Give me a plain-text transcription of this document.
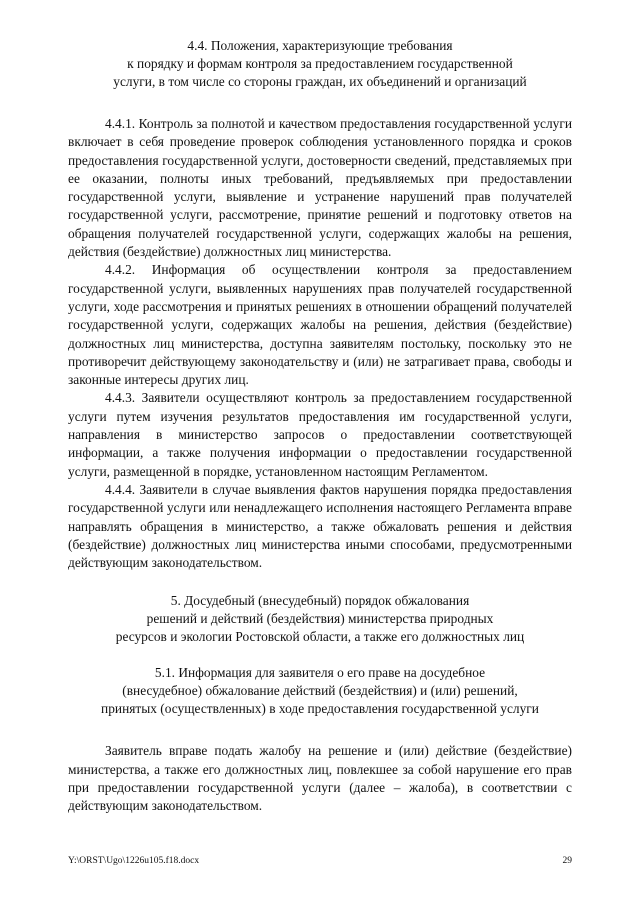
4.4. Положения, характеризующие требования
к порядку и формам контроля за предоставлением государственной
услуги, в том числе со стороны граждан, их объединений и организаций

4.4.1. Контроль за полнотой и качеством предоставления государственной услуги включает в себя проведение проверок соблюдения установленного порядка и сроков предоставления государственной услуги, достоверности сведений, представляемых при ее оказании, полноты иных требований, предъявляемых при предоставлении государственной услуги, выявление и устранение нарушений прав получателей государственной услуги, рассмотрение, принятие решений и подготовку ответов на обращения получателей государственной услуги, содержащих жалобы на решения, действия (бездействие) должностных лиц министерства.

4.4.2. Информация об осуществлении контроля за предоставлением государственной услуги, выявленных нарушениях прав получателей государственной услуги, ходе рассмотрения и принятых решениях в отношении обращений получателей государственной услуги, содержащих жалобы на решения, действия (бездействие) должностных лиц министерства, доступна заявителям постольку, поскольку это не противоречит действующему законодательству и (или) не затрагивает права, свободы и законные интересы других лиц.

4.4.3. Заявители осуществляют контроль за предоставлением государственной услуги путем изучения результатов предоставления им государственной услуги, направления в министерство запросов о предоставлении соответствующей информации, а также получения информации о предоставлении государственной услуги, размещенной в порядке, установленном настоящим Регламентом.

4.4.4. Заявители в случае выявления фактов нарушения порядка предоставления государственной услуги или ненадлежащего исполнения настоящего Регламента вправе направлять обращения в министерство, а также обжаловать решения и действия (бездействие) должностных лиц министерства иными способами, предусмотренными действующим законодательством.

5. Досудебный (внесудебный) порядок обжалования
решений и действий (бездействия) министерства природных
ресурсов и экологии Ростовской области, а также его должностных лиц
5.1. Информация для заявителя о его праве на досудебное
(внесудебное) обжалование действий (бездействия) и (или) решений,
принятых (осуществленных) в ходе предоставления государственной услуги

Заявитель вправе подать жалобу на решение и (или) действие (бездействие) министерства, а также его должностных лиц, повлекшее за собой нарушение его прав при предоставлении государственной услуги (далее – жалоба), в соответствии с действующим законодательством.

Y:\ORST\Ugo\1226u105.f18.docx	29
